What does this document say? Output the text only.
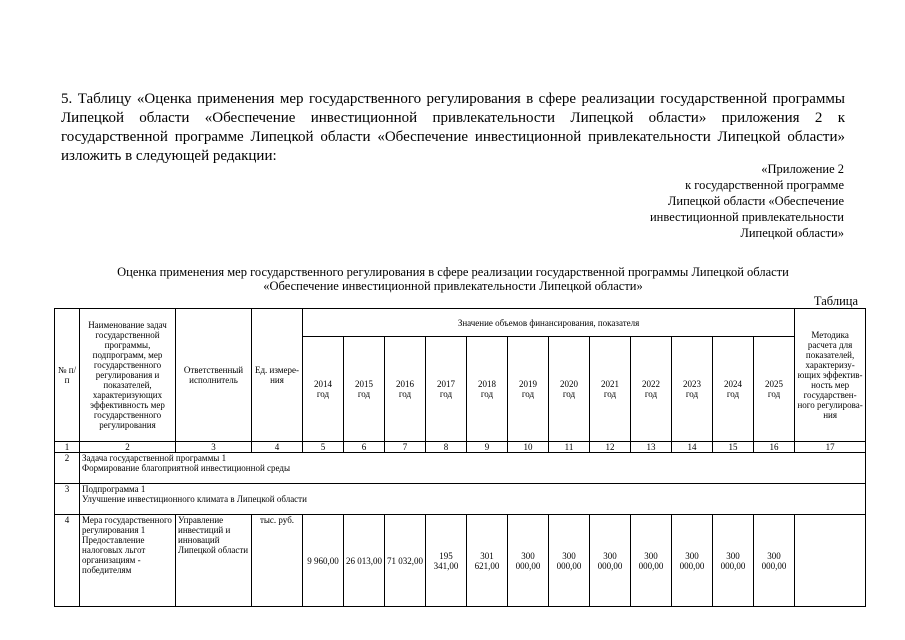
5. Таблицу «Оценка применения мер государственного регулирования в сфере реализации государственной программы Липецкой области «Обеспечение инвестиционной привлекательности Липецкой области» приложения 2 к государственной программе Липецкой области «Обеспечение инвестиционной привлекательности Липецкой области» изложить в следующей редакции:

«Приложение 2
к государственной программе
Липецкой области «Обеспечение
инвестиционной привлекательности
Липецкой области»
Оценка применения мер государственного регулирования в сфере реализации государственной программы Липецкой области
«Обеспечение инвестиционной привлекательности Липецкой области»
Таблица
№ п/п	Наименование задач государственной программы, подпрограмм, мер государственного регулирования и показателей, характеризующих эффективность мер государственного регулирования	Ответственный исполнитель	Ед. измере-ния	Значение объемов финансирования, показателя												Методика расчета для показателей, характеризу-ющих эффектив-ность мер государствен-ного регулирова-ния
				2014 год	2015 год	2016 год	2017 год	2018 год	2019 год	2020 год	2021 год	2022 год	2023 год	2024 год	2025 год	
1	2	3	4	5	6	7	8	9	10	11	12	13	14	15	16	17
2	Задача государственной программы 1
Формирование благоприятной инвестиционной среды															

3	Подпрограмма 1
Улучшение инвестиционного климата в Липецкой области															

4	Мера государственного регулирования 1 Предоставление налоговых льгот организациям - победителям	Управление инвестиций и инноваций Липецкой области	тыс. руб.	9 960,00	26 013,00	71 032,00	195 341,00	301 621,00	300 000,00	300 000,00	300 000,00	300 000,00	300 000,00	300 000,00	300 000,00	
